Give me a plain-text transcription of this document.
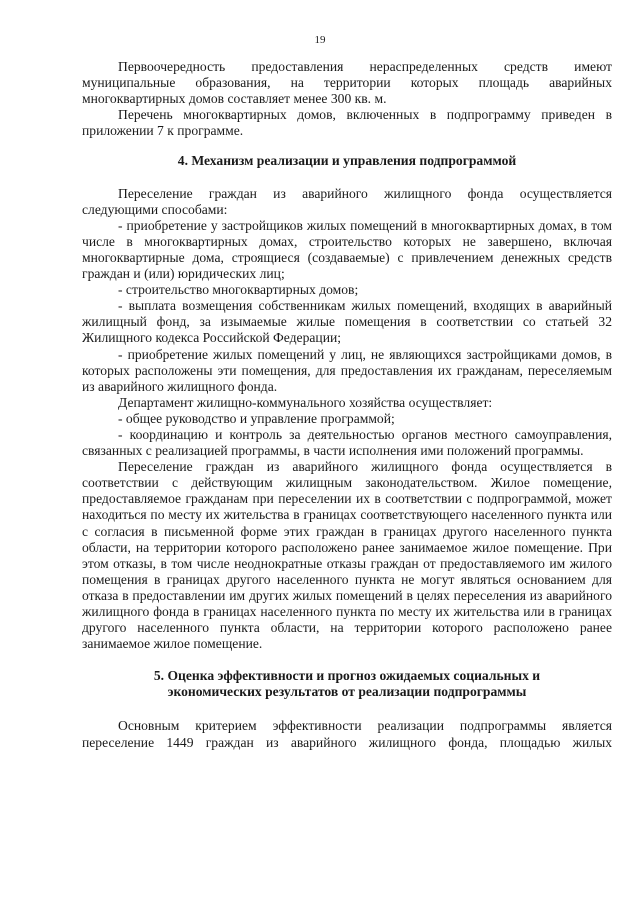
19

Первоочередность предоставления нераспределенных средств имеют муниципальные образования, на территории которых площадь аварийных многоквартирных домов составляет менее 300 кв. м.

Перечень многоквартирных домов, включенных в подпрограмму приведен в приложении 7 к программе.

4. Механизм реализации и управления подпрограммой

Переселение граждан из аварийного жилищного фонда осуществляется следующими способами:

- приобретение у застройщиков жилых помещений в многоквартирных домах, в том числе в многоквартирных домах, строительство которых не завершено, включая многоквартирные дома, строящиеся (создаваемые) с привлечением денежных средств граждан и (или) юридических лиц;

- строительство многоквартирных домов;

- выплата возмещения собственникам жилых помещений, входящих в аварийный жилищный фонд, за изымаемые жилые помещения в соответствии со статьей 32 Жилищного кодекса Российской Федерации;

- приобретение жилых помещений у лиц, не являющихся застройщиками домов, в которых расположены эти помещения, для предоставления их гражданам, переселяемым из аварийного жилищного фонда.

Департамент жилищно-коммунального хозяйства осуществляет:

- общее руководство и управление программой;

- координацию и контроль за деятельностью органов местного самоуправления, связанных с реализацией программы, в части исполнения ими положений программы.

Переселение граждан из аварийного жилищного фонда осуществляется в соответствии с действующим жилищным законодательством. Жилое помещение, предоставляемое гражданам при переселении их в соответствии с подпрограммой, может находиться по месту их жительства в границах соответствующего населенного пункта или с согласия в письменной форме этих граждан в границах другого населенного пункта области, на территории которого расположено ранее занимаемое жилое помещение. При этом отказы, в том числе неоднократные отказы граждан от предоставляемого им жилого помещения в границах другого населенного пункта не могут являться основанием для отказа в предоставлении им других жилых помещений в целях переселения из аварийного жилищного фонда в границах населенного пункта по месту их жительства или в границах другого населенного пункта области, на территории которого расположено ранее занимаемое жилое помещение.

5. Оценка эффективности и прогноз ожидаемых социальных и
экономических результатов от реализации подпрограммы

Основным критерием эффективности реализации подпрограммы является переселение 1449 граждан из аварийного жилищного фонда, площадью жилых
